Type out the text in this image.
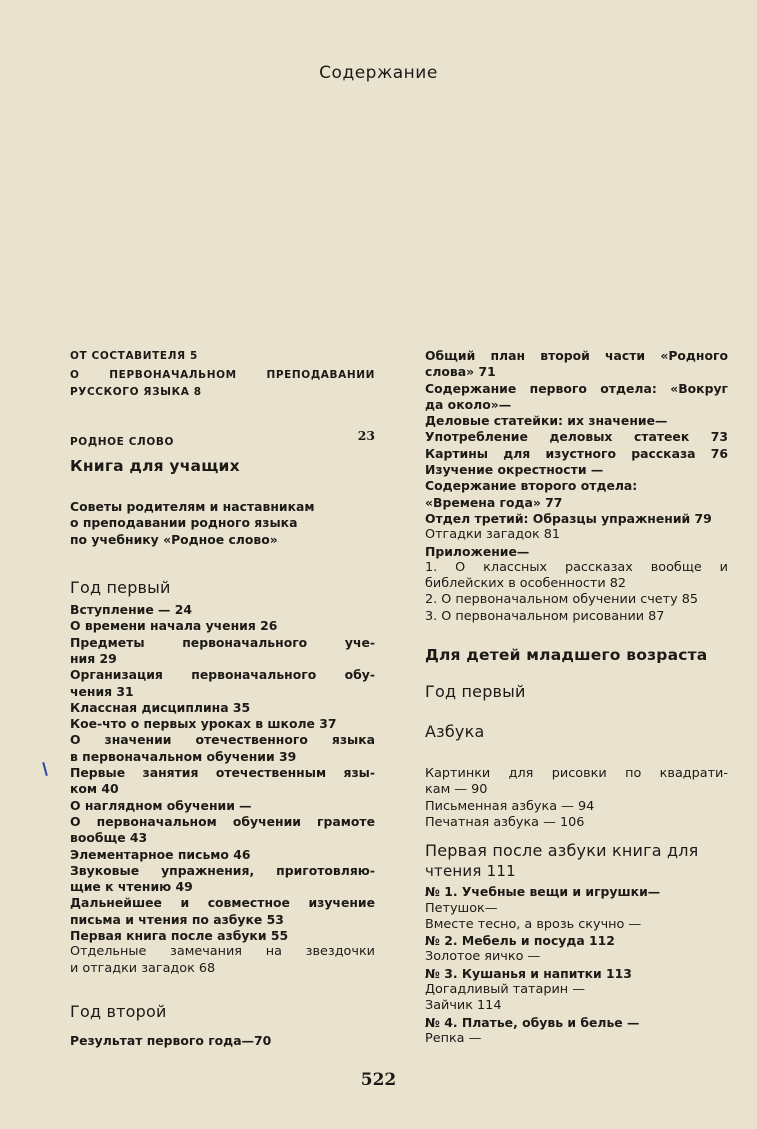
Содержание
ОТ СОСТАВИТЕЛЯ 5
О ПЕРВОНАЧАЛЬНОМ ПРЕПОДАВАНИИ
РУССКОГО ЯЗЫКА 8
РОДНОЕ СЛОВО	23
Книга для учащих
Советы родителям и наставникам
о преподавании родного языка
по учебнику «Родное слово»
Год первый
Вступление — 24
О времени начала учения 26
Предметы первоначального уче-
ния 29
Организация первоначального обу-
чения 31
Классная дисциплина 35
Кое-что о первых уроках в школе 37
О значении отечественного языка
в первоначальном обучении 39
Первые занятия отечественным язы-
ком 40
О наглядном обучении —
О первоначальном обучении грамоте
вообще 43
Элементарное письмо 46
Звуковые упражнения, приготовляю-
щие к чтению 49
Дальнейшее и совместное изучение
письма и чтения по азбуке 53
Первая книга после азбуки 55
Отдельные замечания на звездочки
и отгадки загадок 68
Год второй
Результат первого года—70
Общий план второй части «Родного
слова» 71
Содержание первого отдела: «Вокруг
да около»—
Деловые статейки: их значение—
Употребление деловых статеек 73
Картины для изустного рассказа 76
Изучение окрестности —
Содержание второго отдела:
«Времена года» 77
Отдел третий: Образцы упражнений 79
Отгадки загадок 81
Приложение—
1. О классных рассказах вообще и
библейских в особенности 82
2. О первоначальном обучении счету 85
3. О первоначальном рисовании 87
Для детей младшего возраста
Год первый
Азбука
Картинки для рисовки по квадрати-
кам — 90
Письменная азбука — 94
Печатная азбука — 106
Первая после азбуки книга для
чтения 111
№ 1. Учебные вещи и игрушки—
Петушок—
Вместе тесно, а врозь скучно —
№ 2. Мебель и посуда 112
Золотое яичко —
№ 3. Кушанья и напитки 113
Догадливый татарин —
Зайчик 114
№ 4. Платье, обувь и белье —
Репка —
522
